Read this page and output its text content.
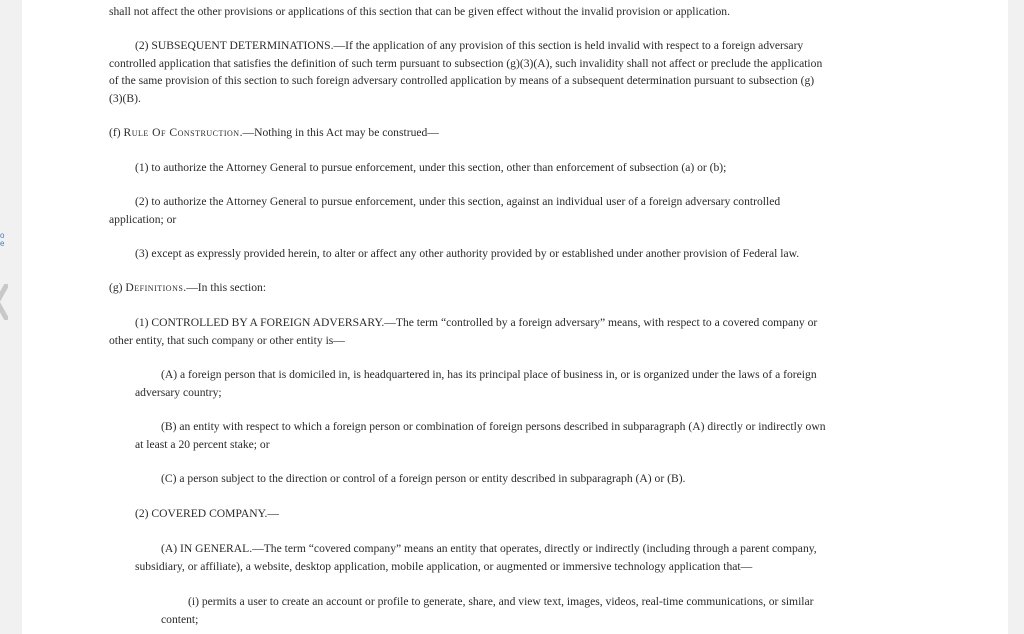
o
e
shall not affect the other provisions or applications of this section that can be given effect without the invalid provision or application.
(2) SUBSEQUENT DETERMINATIONS.—If the application of any provision of this section is held invalid with respect to a foreign adversary
controlled application that satisfies the definition of such term pursuant to subsection (g)(3)(A), such invalidity shall not affect or preclude the application
of the same provision of this section to such foreign adversary controlled application by means of a subsequent determination pursuant to subsection (g)
(3)(B).
(f) Rule Of Construction.—Nothing in this Act may be construed—
(1) to authorize the Attorney General to pursue enforcement, under this section, other than enforcement of subsection (a) or (b);
(2) to authorize the Attorney General to pursue enforcement, under this section, against an individual user of a foreign adversary controlled
application; or
(3) except as expressly provided herein, to alter or affect any other authority provided by or established under another provision of Federal law.
(g) Definitions.—In this section:
(1) CONTROLLED BY A FOREIGN ADVERSARY.—The term “controlled by a foreign adversary” means, with respect to a covered company or
other entity, that such company or other entity is—
(A) a foreign person that is domiciled in, is headquartered in, has its principal place of business in, or is organized under the laws of a foreign
adversary country;
(B) an entity with respect to which a foreign person or combination of foreign persons described in subparagraph (A) directly or indirectly own
at least a 20 percent stake; or
(C) a person subject to the direction or control of a foreign person or entity described in subparagraph (A) or (B).
(2) COVERED COMPANY.—
(A) IN GENERAL.—The term “covered company” means an entity that operates, directly or indirectly (including through a parent company,
subsidiary, or affiliate), a website, desktop application, mobile application, or augmented or immersive technology application that—
(i) permits a user to create an account or profile to generate, share, and view text, images, videos, real-time communications, or similar
content;
